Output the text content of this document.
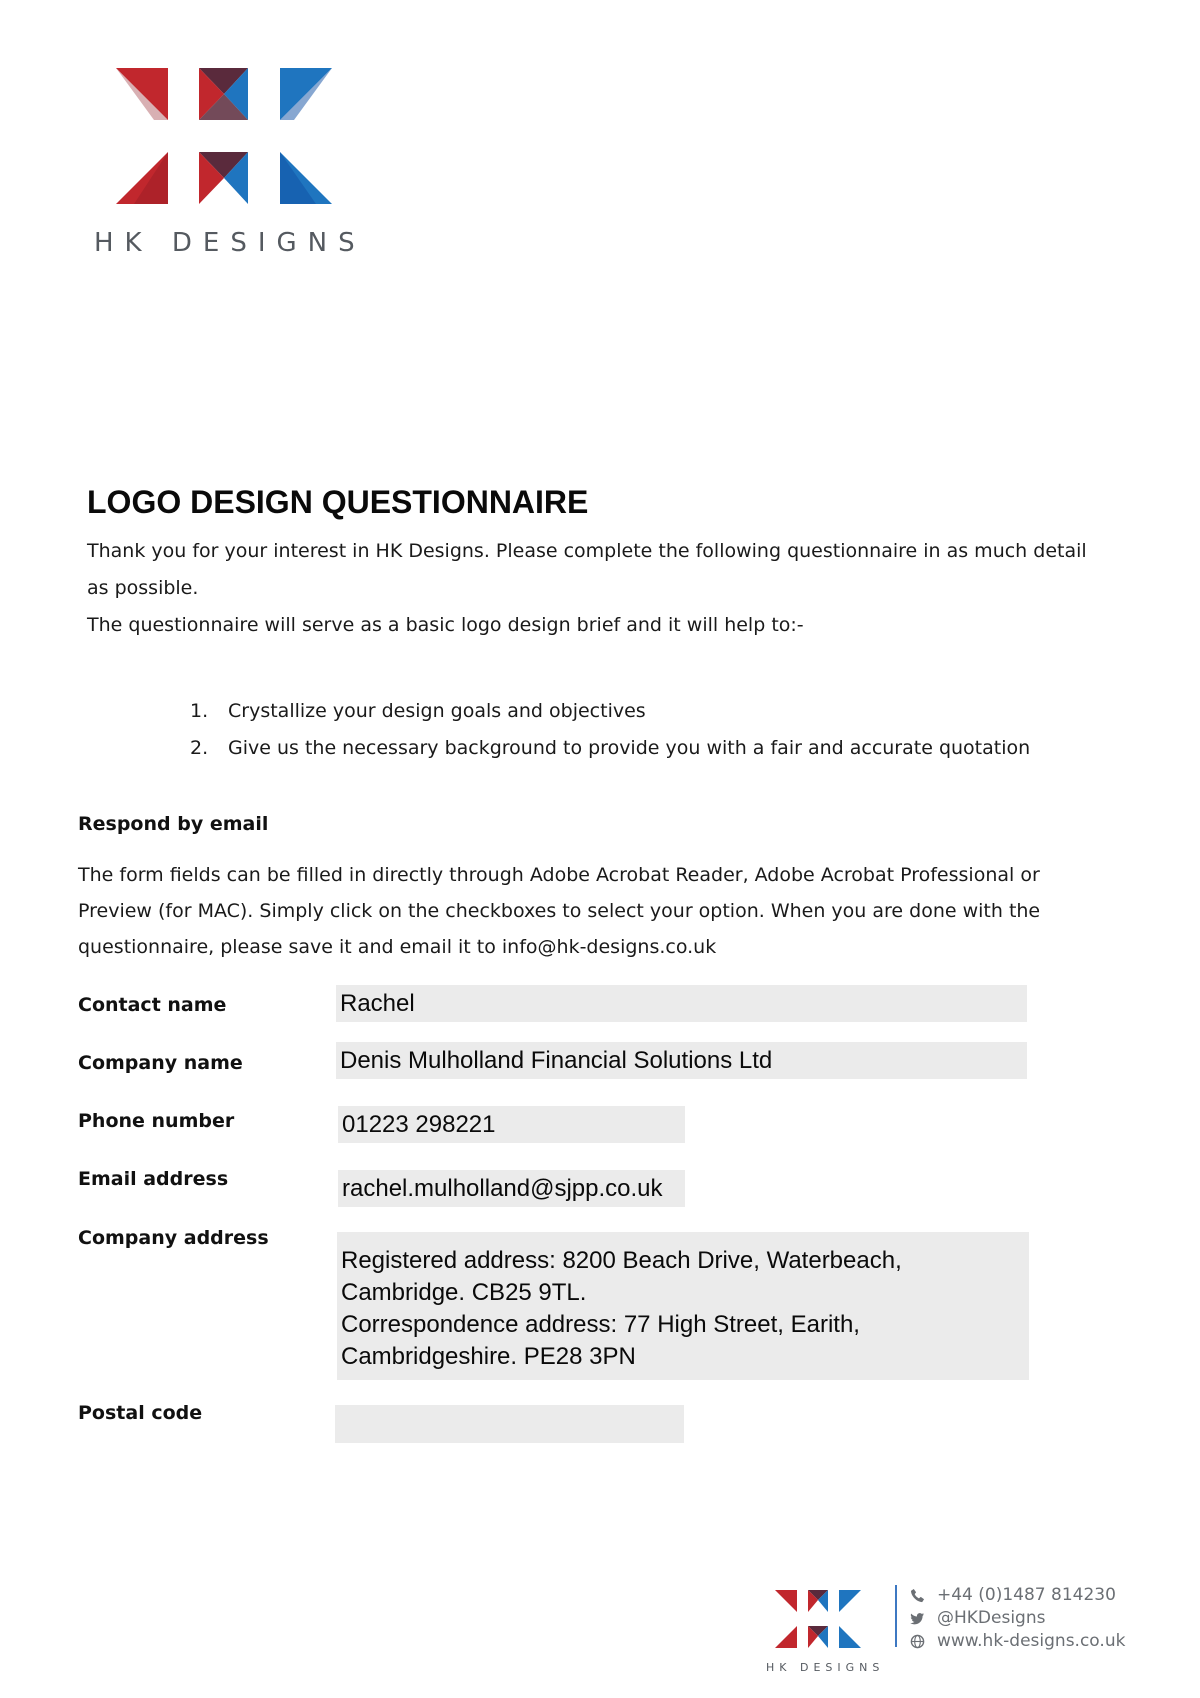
HK DESIGNS
LOGO DESIGN QUESTIONNAIRE

Thank you for your interest in HK Designs. Please complete the following questionnaire in as much detail

as possible.

The questionnaire will serve as a basic logo design brief and it will help to:-

1.	Crystallize your design goals and objectives
2.	Give us the necessary background to provide you with a fair and accurate quotation
Respond by email
The form fields can be filled in directly through Adobe Acrobat Reader, Adobe Acrobat Professional or
Preview (for MAC). Simply click on the checkboxes to select your option. When you are done with the
questionnaire, please save it and email it to info@hk-designs.co.uk
Contact name	Rachel
Company name	Denis Mulholland Financial Solutions Ltd
Phone number	01223 298221
Email address	rachel.mulholland@sjpp.co.uk
Company address
Registered address: 8200 Beach Drive, Waterbeach,
Cambridge. CB25 9TL.
Correspondence address: 77 High Street, Earith,
Cambridgeshire. PE28 3PN
Postal code
HK DESIGNS
+44 (0)1487 814230
@HKDesigns
www.hk-designs.co.uk
